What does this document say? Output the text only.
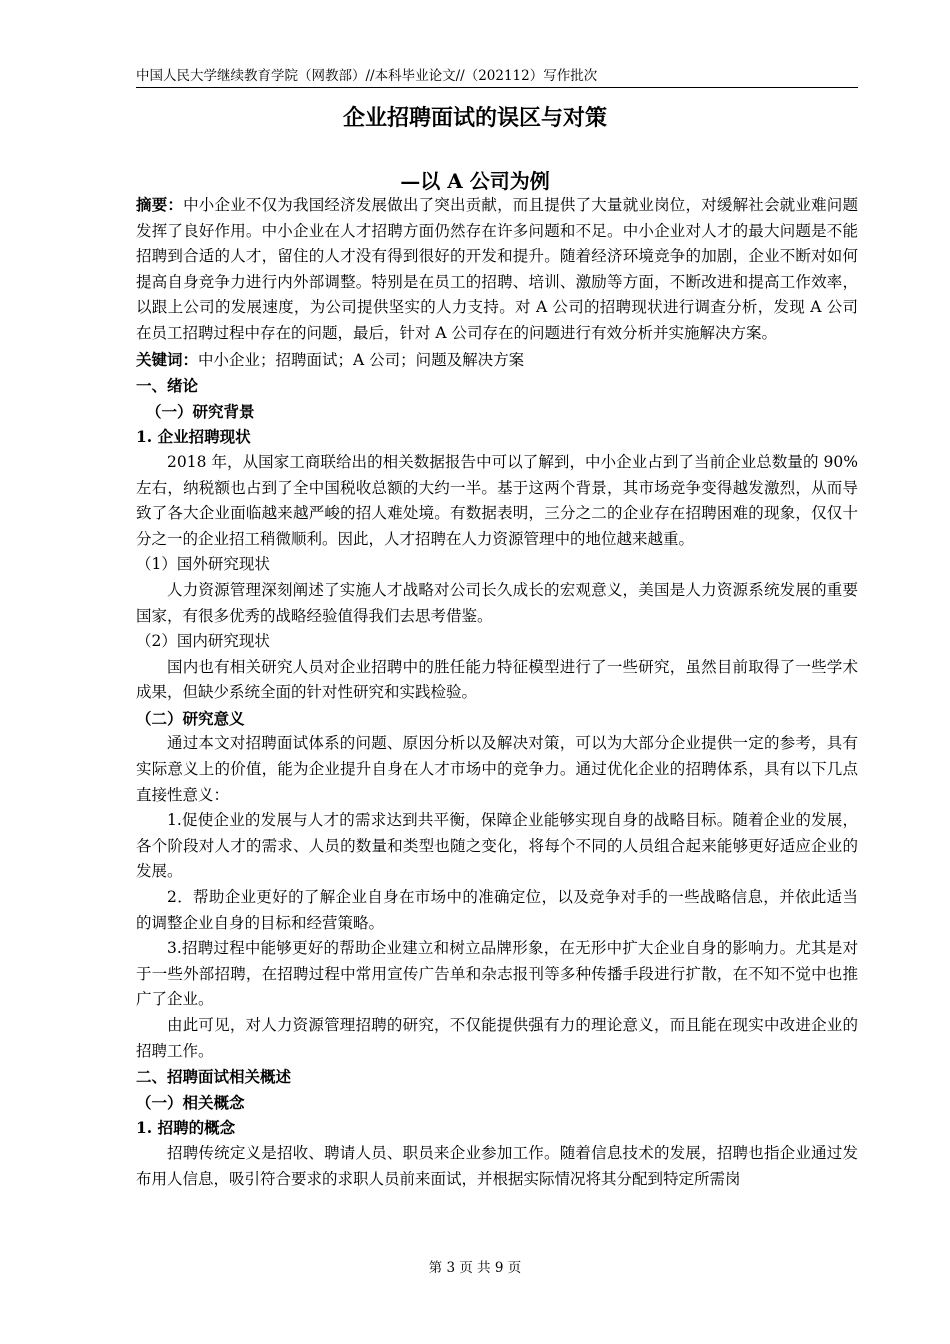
中国人民大学继续教育学院（网教部）//本科毕业论文//（202112）写作批次
企业招聘面试的误区与对策
—以 A 公司为例

摘要：中小企业不仅为我国经济发展做出了突出贡献，而且提供了大量就业岗位，对缓解社会就业难问题发挥了良好作用。中小企业在人才招聘方面仍然存在许多问题和不足。中小企业对人才的最大问题是不能招聘到合适的人才，留住的人才没有得到很好的开发和提升。随着经济环境竞争的加剧，企业不断对如何提高自身竞争力进行内外部调整。特别是在员工的招聘、培训、激励等方面，不断改进和提高工作效率，以跟上公司的发展速度，为公司提供坚实的人力支持。对 A 公司的招聘现状进行调查分析，发现 A 公司在员工招聘过程中存在的问题，最后，针对 A 公司存在的问题进行有效分析并实施解决方案。

关键词：中小企业；招聘面试；A 公司；问题及解决方案

一、绪论

（一）研究背景

1. 企业招聘现状

2018 年，从国家工商联给出的相关数据报告中可以了解到，中小企业占到了当前企业总数量的 90%左右，纳税额也占到了全中国税收总额的大约一半。基于这两个背景，其市场竞争变得越发激烈，从而导致了各大企业面临越来越严峻的招人难处境。有数据表明，三分之二的企业存在招聘困难的现象，仅仅十分之一的企业招工稍微顺利。因此，人才招聘在人力资源管理中的地位越来越重。

（1）国外研究现状

人力资源管理深刻阐述了实施人才战略对公司长久成长的宏观意义，美国是人力资源系统发展的重要国家，有很多优秀的战略经验值得我们去思考借鉴。

（2）国内研究现状

国内也有相关研究人员对企业招聘中的胜任能力特征模型进行了一些研究，虽然目前取得了一些学术成果，但缺少系统全面的针对性研究和实践检验。

（二）研究意义

通过本文对招聘面试体系的问题、原因分析以及解决对策，可以为大部分企业提供一定的参考，具有实际意义上的价值，能为企业提升自身在人才市场中的竞争力。通过优化企业的招聘体系，具有以下几点直接性意义：

1.促使企业的发展与人才的需求达到共平衡，保障企业能够实现自身的战略目标。随着企业的发展，各个阶段对人才的需求、人员的数量和类型也随之变化，将每个不同的人员组合起来能够更好适应企业的发展。

2．帮助企业更好的了解企业自身在市场中的准确定位，以及竞争对手的一些战略信息，并依此适当的调整企业自身的目标和经营策略。

3.招聘过程中能够更好的帮助企业建立和树立品牌形象，在无形中扩大企业自身的影响力。尤其是对于一些外部招聘，在招聘过程中常用宣传广告单和杂志报刊等多种传播手段进行扩散，在不知不觉中也推广了企业。

由此可见，对人力资源管理招聘的研究，不仅能提供强有力的理论意义，而且能在现实中改进企业的招聘工作。

二、招聘面试相关概述

（一）相关概念

1. 招聘的概念

招聘传统定义是招收、聘请人员、职员来企业参加工作。随着信息技术的发展，招聘也指企业通过发布用人信息，吸引符合要求的求职人员前来面试，并根据实际情况将其分配到特定所需岗

第 3 页 共 9 页
